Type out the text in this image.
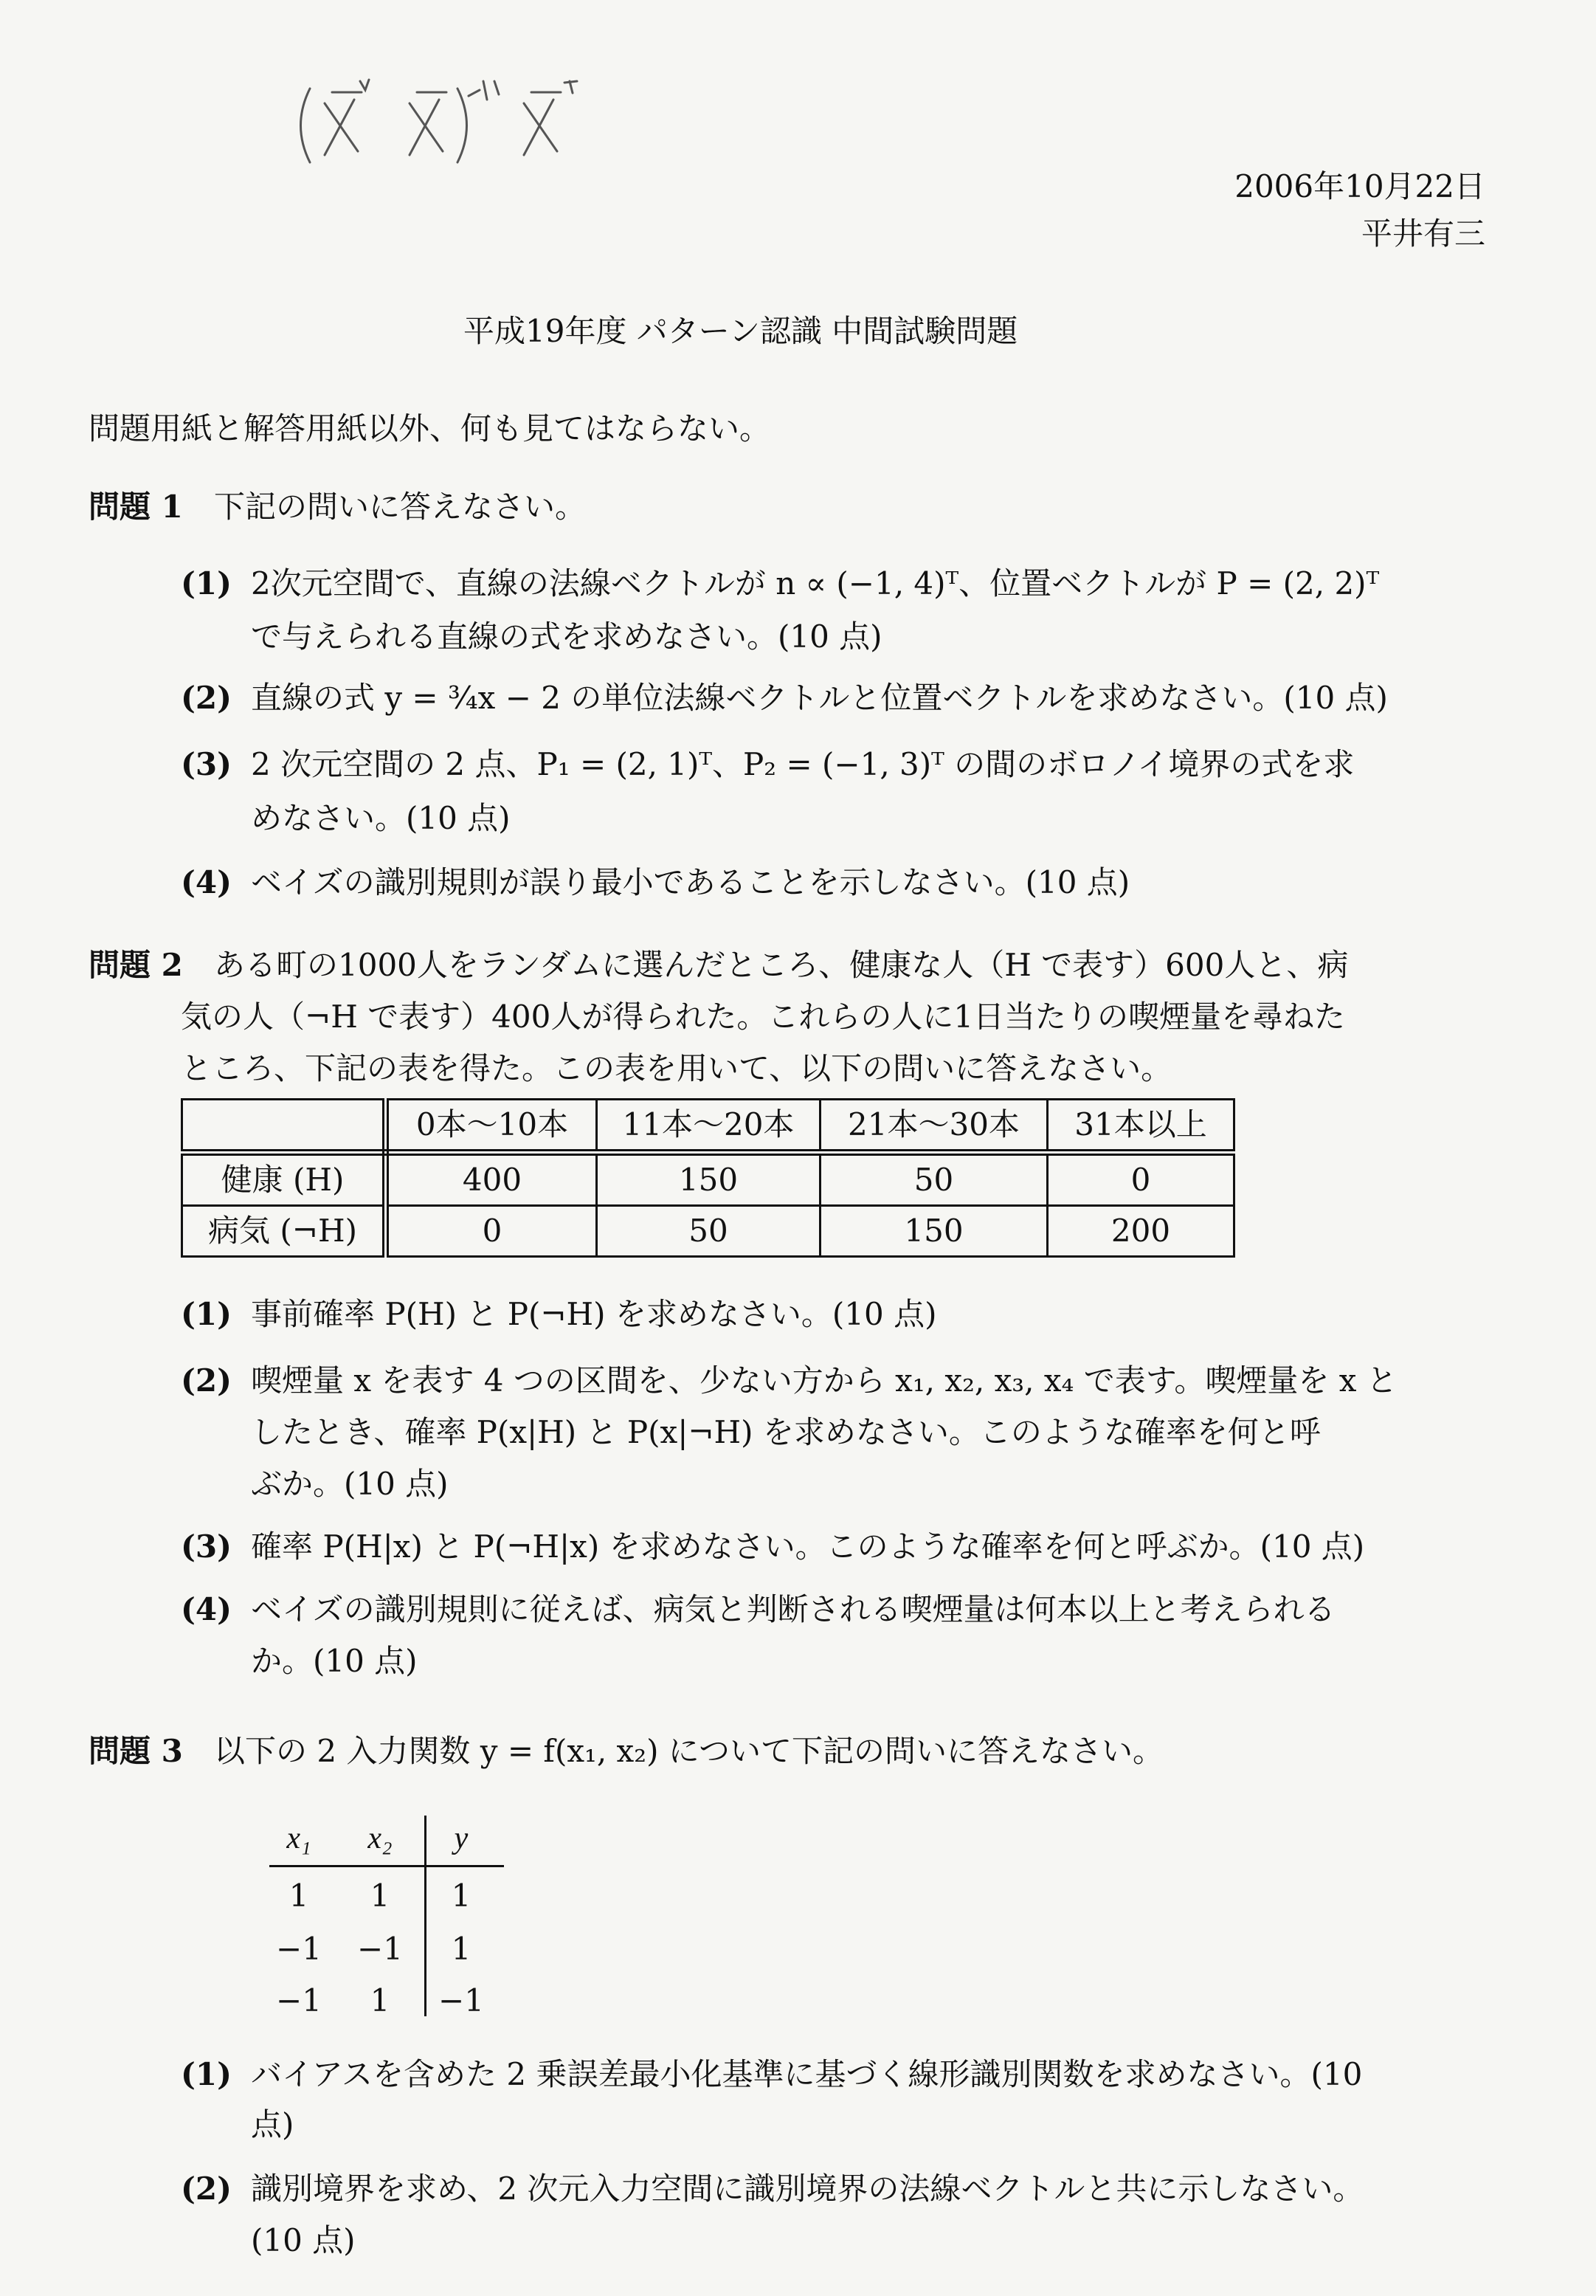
(X^T X)^-1 X^T
2006年10月22日
平井有三
平成19年度 パターン認識 中間試験問題
問題用紙と解答用紙以外、何も見てはならない。
問題 1 下記の問いに答えなさい。
(1) 2次元空間で、直線の法線ベクトルが n ∝ (−1, 4)ᵀ、位置ベクトルが P = (2, 2)ᵀ
で与えられる直線の式を求めなさい。(10 点)
(2) 直線の式 y = ¾x − 2 の単位法線ベクトルと位置ベクトルを求めなさい。(10 点)
(3) 2 次元空間の 2 点、P₁ = (2, 1)ᵀ、P₂ = (−1, 3)ᵀ の間のボロノイ境界の式を求
めなさい。(10 点)
(4) ベイズの識別規則が誤り最小であることを示しなさい。(10 点)
問題 2 ある町の1000人をランダムに選んだところ、健康な人（H で表す）600人と、病
気の人（¬H で表す）400人が得られた。これらの人に1日当たりの喫煙量を尋ねた
ところ、下記の表を得た。この表を用いて、以下の問いに答えなさい。
	0本〜10本	11本〜20本	21本〜30本	31本以上
健康 (H)	400	150	50	0
病気 (¬H)	0	50	150	200
(1) 事前確率 P(H) と P(¬H) を求めなさい。(10 点)
(2) 喫煙量 x を表す 4 つの区間を、少ない方から x₁, x₂, x₃, x₄ で表す。喫煙量を x と
したとき、確率 P(x|H) と P(x|¬H) を求めなさい。このような確率を何と呼
ぶか。(10 点)
(3) 確率 P(H|x) と P(¬H|x) を求めなさい。このような確率を何と呼ぶか。(10 点)
(4) ベイズの識別規則に従えば、病気と判断される喫煙量は何本以上と考えられる
か。(10 点)
問題 3 以下の 2 入力関数 y = f(x₁, x₂) について下記の問いに答えなさい。
x₁	x₂	y
1	1	1
−1 −1	1
−1	1	−1
(1) バイアスを含めた 2 乗誤差最小化基準に基づく線形識別関数を求めなさい。(10
点)
(2) 識別境界を求め、2 次元入力空間に識別境界の法線ベクトルと共に示しなさい。
(10 点)
